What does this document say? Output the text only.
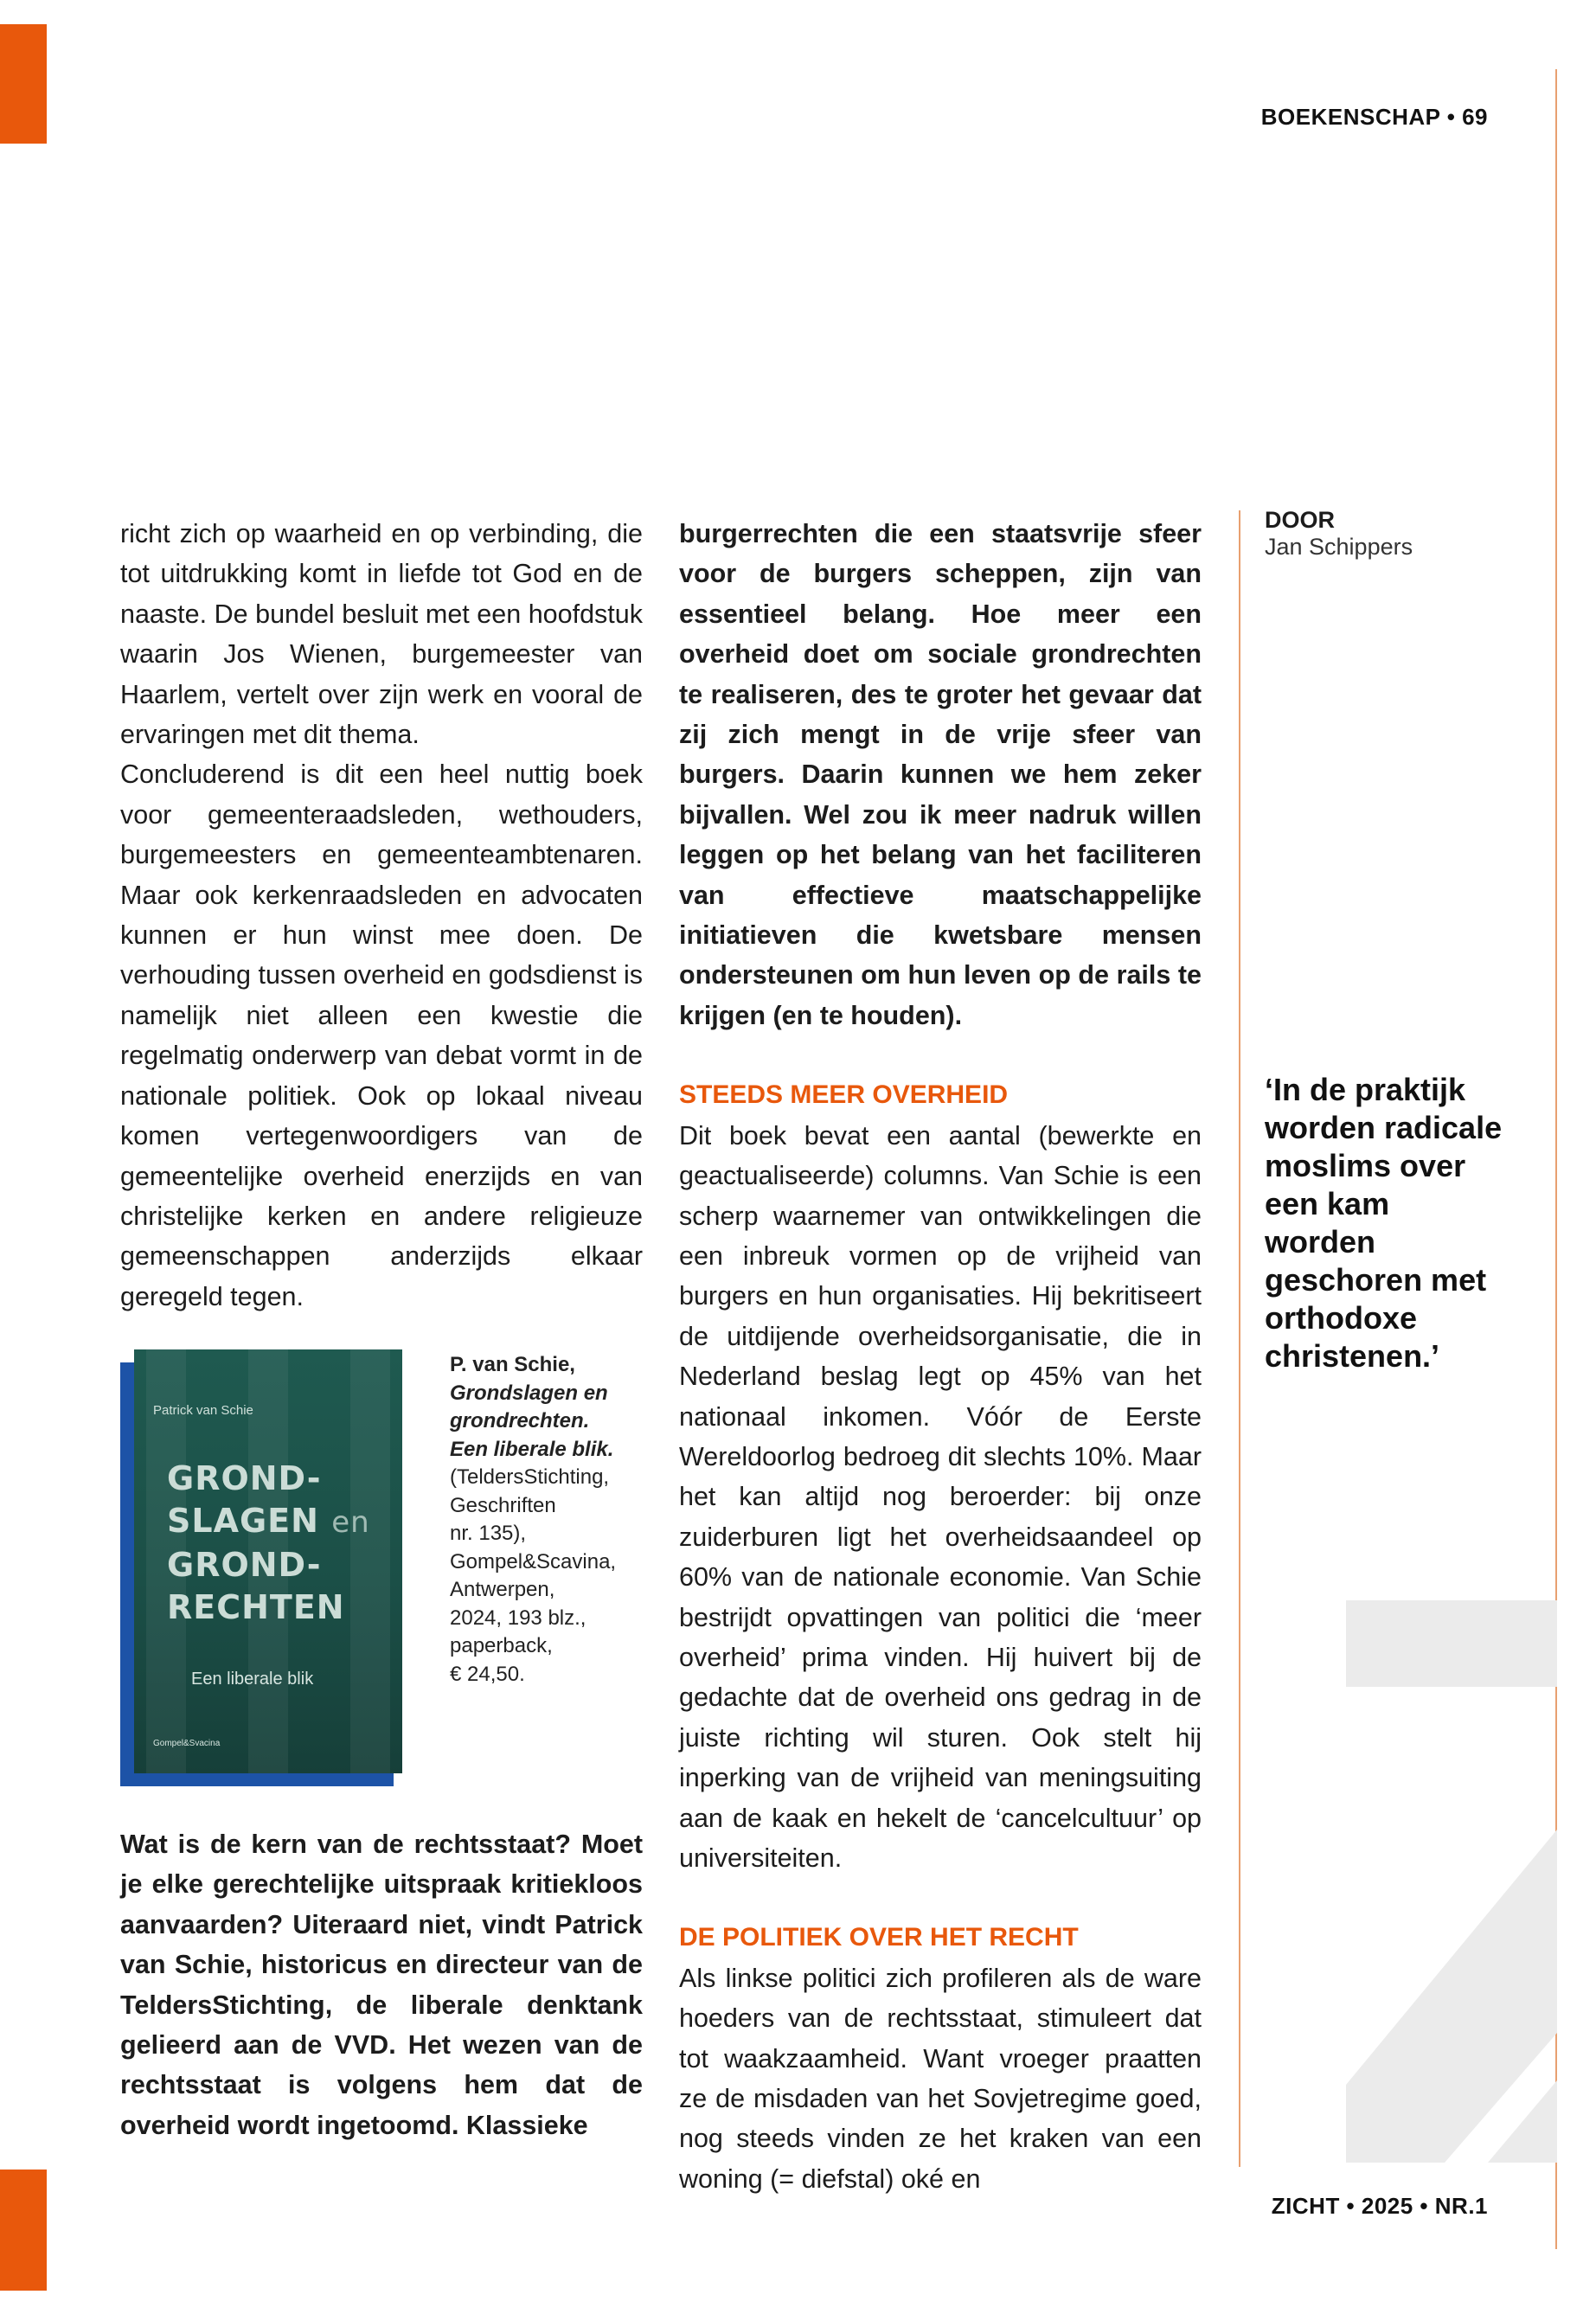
BOEKENSCHAP • 69
ZICHT • 2025 • NR.1

richt zich op waarheid en op verbinding, die tot uitdrukking komt in liefde tot God en de naaste. De bundel besluit met een hoofdstuk waarin Jos Wienen, burgemeester van Haarlem, vertelt over zijn werk en vooral de ervaringen met dit thema.

Concluderend is dit een heel nuttig boek voor gemeenteraadsleden, wethouders, burgemeesters en gemeenteambtenaren. Maar ook kerkenraadsleden en advocaten kunnen er hun winst mee doen. De verhouding tussen overheid en godsdienst is namelijk niet alleen een kwestie die regelmatig onderwerp van debat vormt in de nationale politiek. Ook op lokaal niveau komen vertegenwoordigers van de gemeentelijke overheid enerzijds en van christelijke kerken en andere religieuze gemeenschappen anderzijds elkaar geregeld tegen.

Patrick van Schie
GROND-
SLAGEN en
GROND-
RECHTEN
Een liberale blik
Gompel&Svacina
P. van Schie,
Grondslagen en
grondrechten.
Een liberale blik.
(TeldersStichting,
Geschriften
nr. 135),
Gompel&Scavina,
Antwerpen,
2024, 193 blz.,
paperback,
€ 24,50.

Wat is de kern van de rechtsstaat? Moet je elke gerechtelijke uitspraak kritiekloos aanvaarden? Uiteraard niet, vindt Patrick van Schie, historicus en directeur van de TeldersStichting, de liberale denktank gelieerd aan de VVD. Het wezen van de rechtsstaat is volgens hem dat de overheid wordt ingetoomd. Klassieke

burgerrechten die een staatsvrije sfeer voor de burgers scheppen, zijn van essentieel belang. Hoe meer een overheid doet om sociale grondrechten te realiseren, des te groter het gevaar dat zij zich mengt in de vrije sfeer van burgers. Daarin kunnen we hem zeker bijvallen. Wel zou ik meer nadruk willen leggen op het belang van het faciliteren van effectieve maatschappelijke initiatieven die kwetsbare mensen ondersteunen om hun leven op de rails te krijgen (en te houden).

STEEDS MEER OVERHEID

Dit boek bevat een aantal (bewerkte en geactualiseerde) columns. Van Schie is een scherp waarnemer van ontwikkelingen die een inbreuk vormen op de vrijheid van burgers en hun organisaties. Hij bekritiseert de uitdijende overheidsorganisatie, die in Nederland beslag legt op 45% van het nationaal inkomen. Vóór de Eerste Wereldoorlog bedroeg dit slechts 10%. Maar het kan altijd nog beroerder: bij onze zuiderburen ligt het overheidsaandeel op 60% van de nationale economie. Van Schie bestrijdt opvattingen van politici die ‘meer overheid’ prima vinden. Hij huivert bij de gedachte dat de overheid ons gedrag in de juiste richting wil sturen. Ook stelt hij inperking van de vrijheid van meningsuiting aan de kaak en hekelt de ‘cancelcultuur’ op universiteiten.

DE POLITIEK OVER HET RECHT

Als linkse politici zich profileren als de ware hoeders van de rechtsstaat, stimuleert dat tot waakzaamheid. Want vroeger praatten ze de misdaden van het Sovjetregime goed, nog steeds vinden ze het kraken van een woning (= diefstal) oké en

DOOR
Jan Schippers
‘In de praktijk worden radicale moslims over een kam worden geschoren met orthodoxe christenen.’
